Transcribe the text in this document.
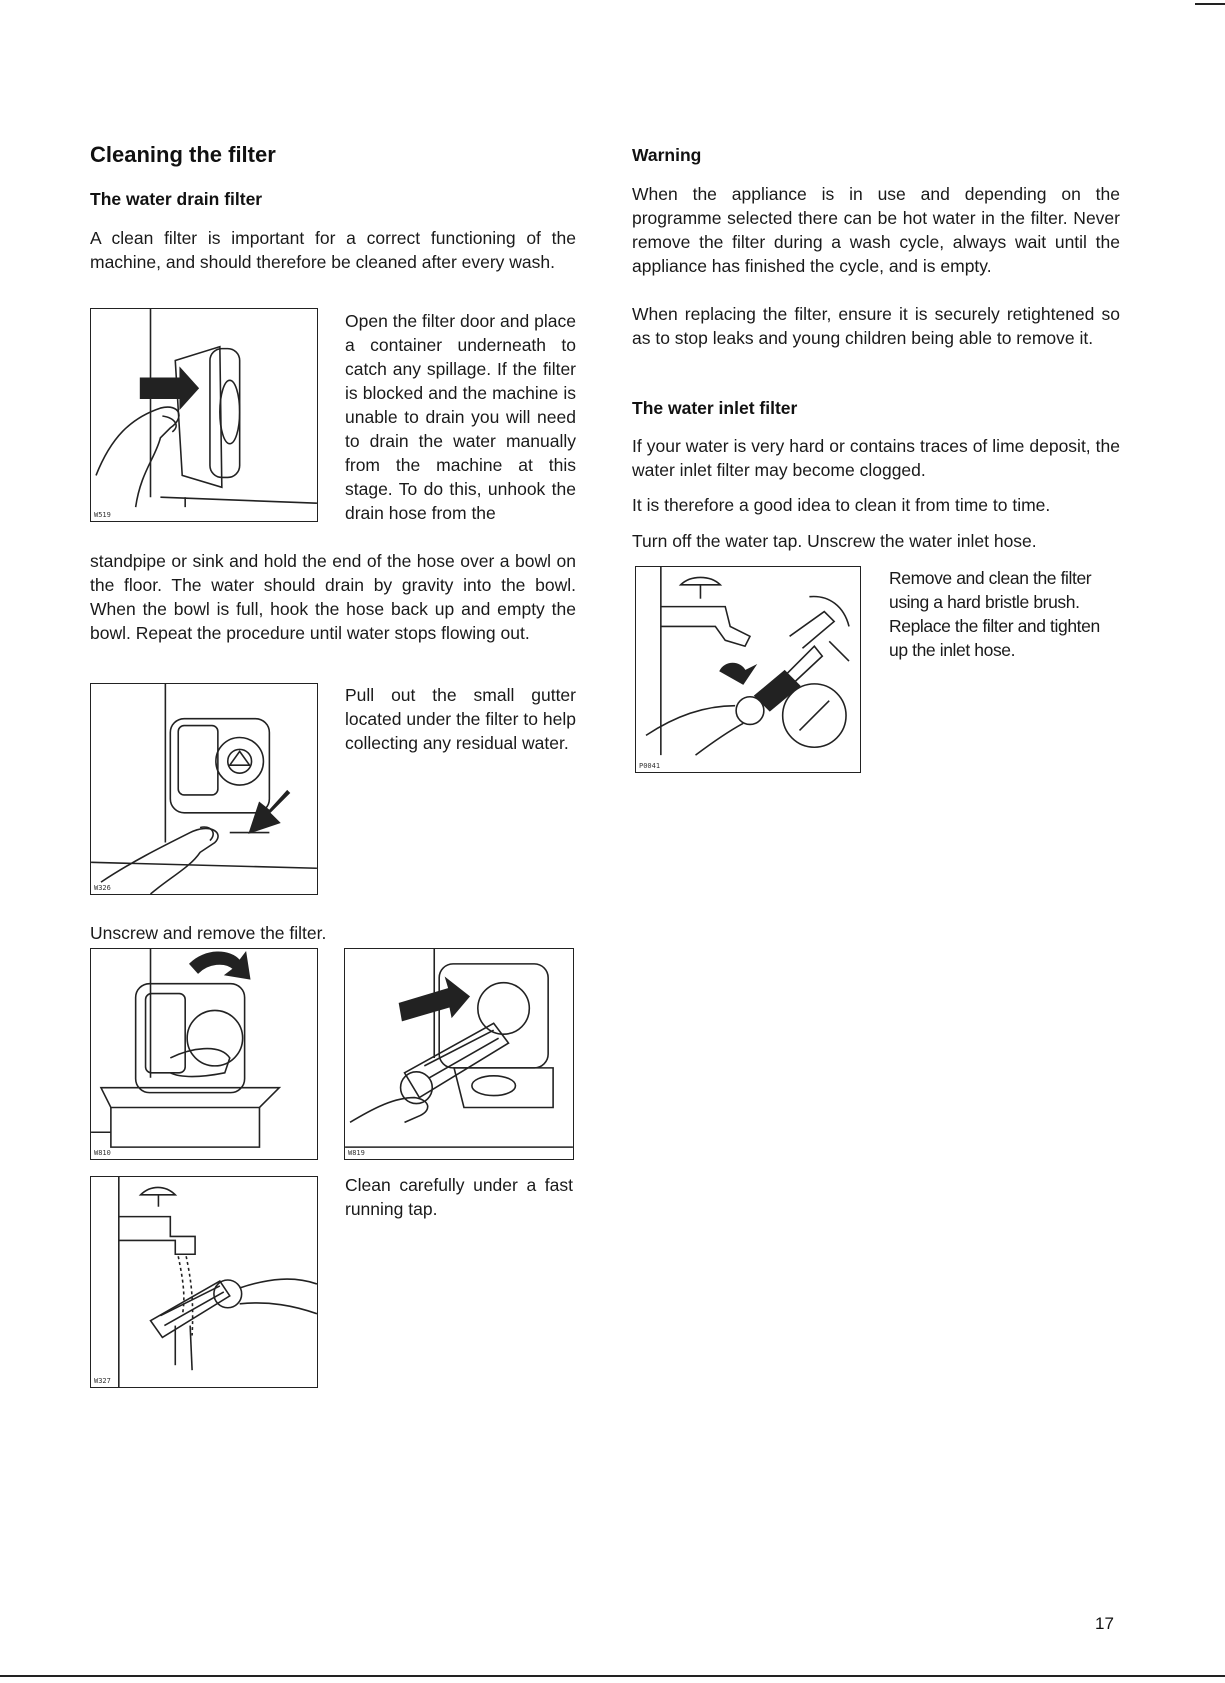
Cleaning the filter
The water drain filter

A clean filter is important for a correct functioning of the machine, and should therefore be cleaned after every wash.

W519

Open the filter door and place a container underneath to catch any spillage. If the filter is blocked and the machine is unable to drain you will need to drain the water manually from the machine at this stage. To do this, unhook the drain hose from the

standpipe or sink and hold the end of the hose over a bowl on the floor. The water should drain by gravity into the bowl. When the bowl is full, hook the hose back up and empty the bowl. Repeat the procedure until water stops flowing out.

W326

Pull out the small gutter located under the filter to help collecting any residual water.

Unscrew and remove the filter.

W810	W819
W327

Clean carefully under a fast running tap.

Warning

When the appliance is in use and depending on the programme selected there can be hot water in the filter. Never remove the filter during a wash cycle, always wait until the appliance has finished the cycle, and is empty.

When replacing the filter, ensure it is securely retightened so as to stop leaks and young children being able to remove it.

The water inlet filter

If your water is very hard or contains traces of lime deposit, the water inlet filter may become clogged.

It is therefore a good idea to clean it from time to time.

Turn off the water tap. Unscrew the water inlet hose.

P0041

Remove and clean the filter using a hard bristle brush. Replace the filter and tighten up the inlet hose.

17
